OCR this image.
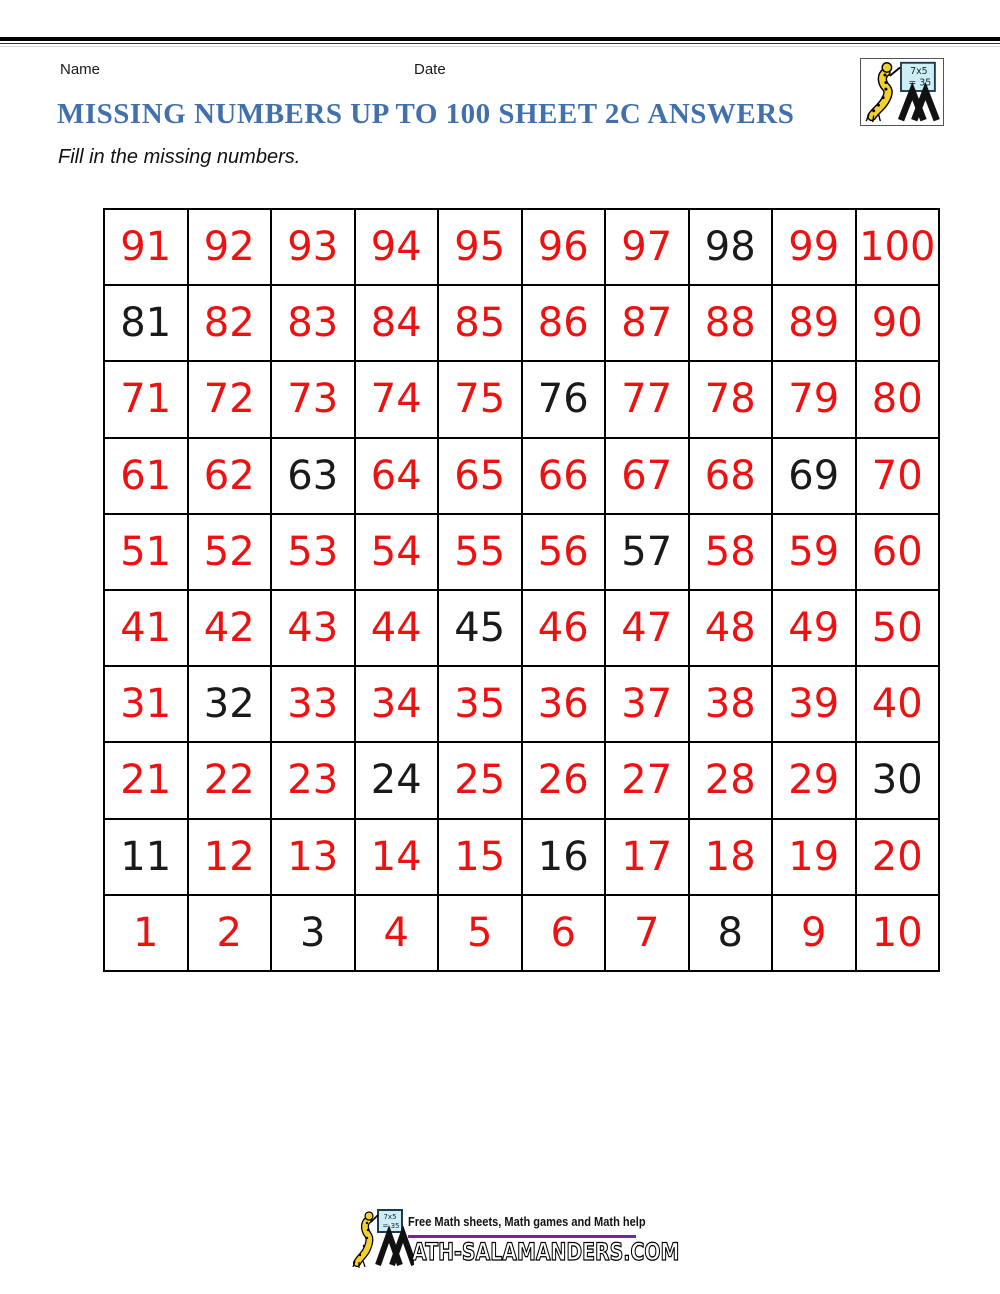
Name	Date	7x5
= 35
MISSING NUMBERS UP TO 100 SHEET 2C ANSWERS
Fill in the missing numbers.
91	92	93	94	95	96	97	98	99	100
81	82	83	84	85	86	87	88	89	90
71	72	73	74	75	76	77	78	79	80
61	62	63	64	65	66	67	68	69	70
51	52	53	54	55	56	57	58	59	60
41	42	43	44	45	46	47	48	49	50
31	32	33	34	35	36	37	38	39	40
21	22	23	24	25	26	27	28	29	30
11	12	13	14	15	16	17	18	19	20
1	2	3	4	5	6	7	8	9	10
7x5
= 35 Free Math sheets, Math games and Math help
ATH-SALAMANDERS.COM
